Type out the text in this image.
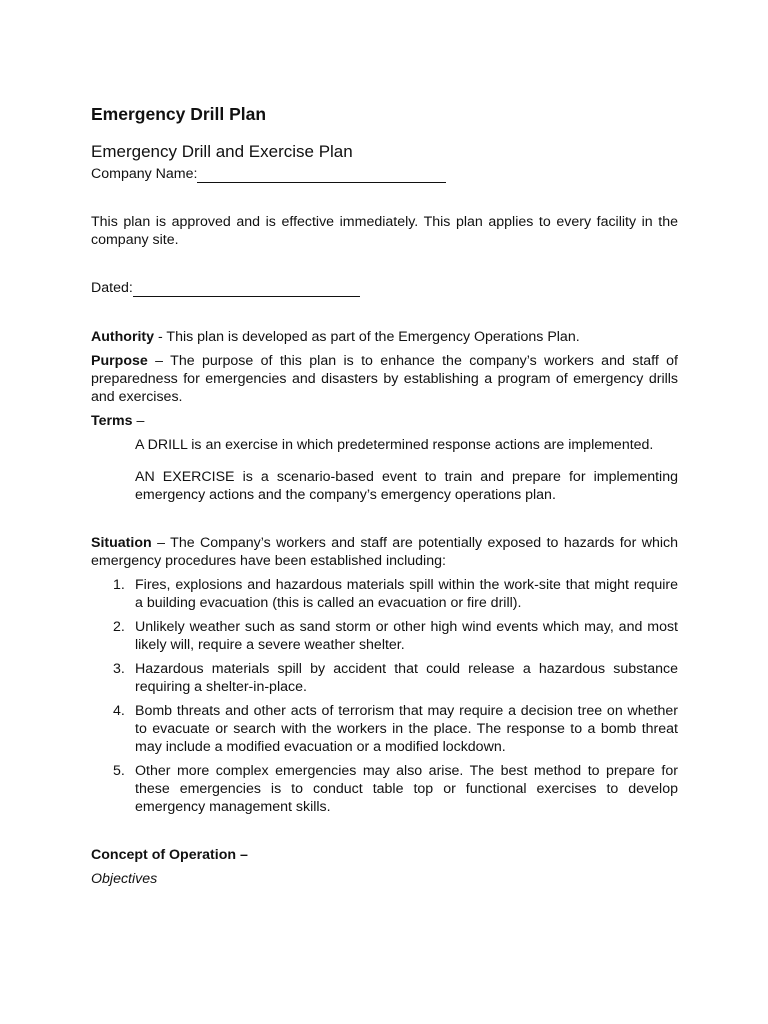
Emergency Drill Plan
Emergency Drill and Exercise Plan
Company Name:

This plan is approved and is effective immediately. This plan applies to every facility in the company site.

Dated:

Authority - This plan is developed as part of the Emergency Operations Plan.

Purpose – The purpose of this plan is to enhance the company’s workers and staff of preparedness for emergencies and disasters by establishing a program of emergency drills and exercises.

Terms –

A DRILL is an exercise in which predetermined response actions are implemented.

AN EXERCISE is a scenario-based event to train and prepare for implementing emergency actions and the company’s emergency operations plan.

Situation – The Company’s workers and staff are potentially exposed to hazards for which emergency procedures have been established including:

1. Fires, explosions and hazardous materials spill within the work-site that might require a building evacuation (this is called an evacuation or fire drill).
2. Unlikely weather such as sand storm or other high wind events which may, and most likely will, require a severe weather shelter.
3. Hazardous materials spill by accident that could release a hazardous substance requiring a shelter-in-place.
4. Bomb threats and other acts of terrorism that may require a decision tree on whether to evacuate or search with the workers in the place. The response to a bomb threat may include a modified evacuation or a modified lockdown.
5. Other more complex emergencies may also arise. The best method to prepare for these emergencies is to conduct table top or functional exercises to develop emergency management skills.

Concept of Operation –

Objectives
